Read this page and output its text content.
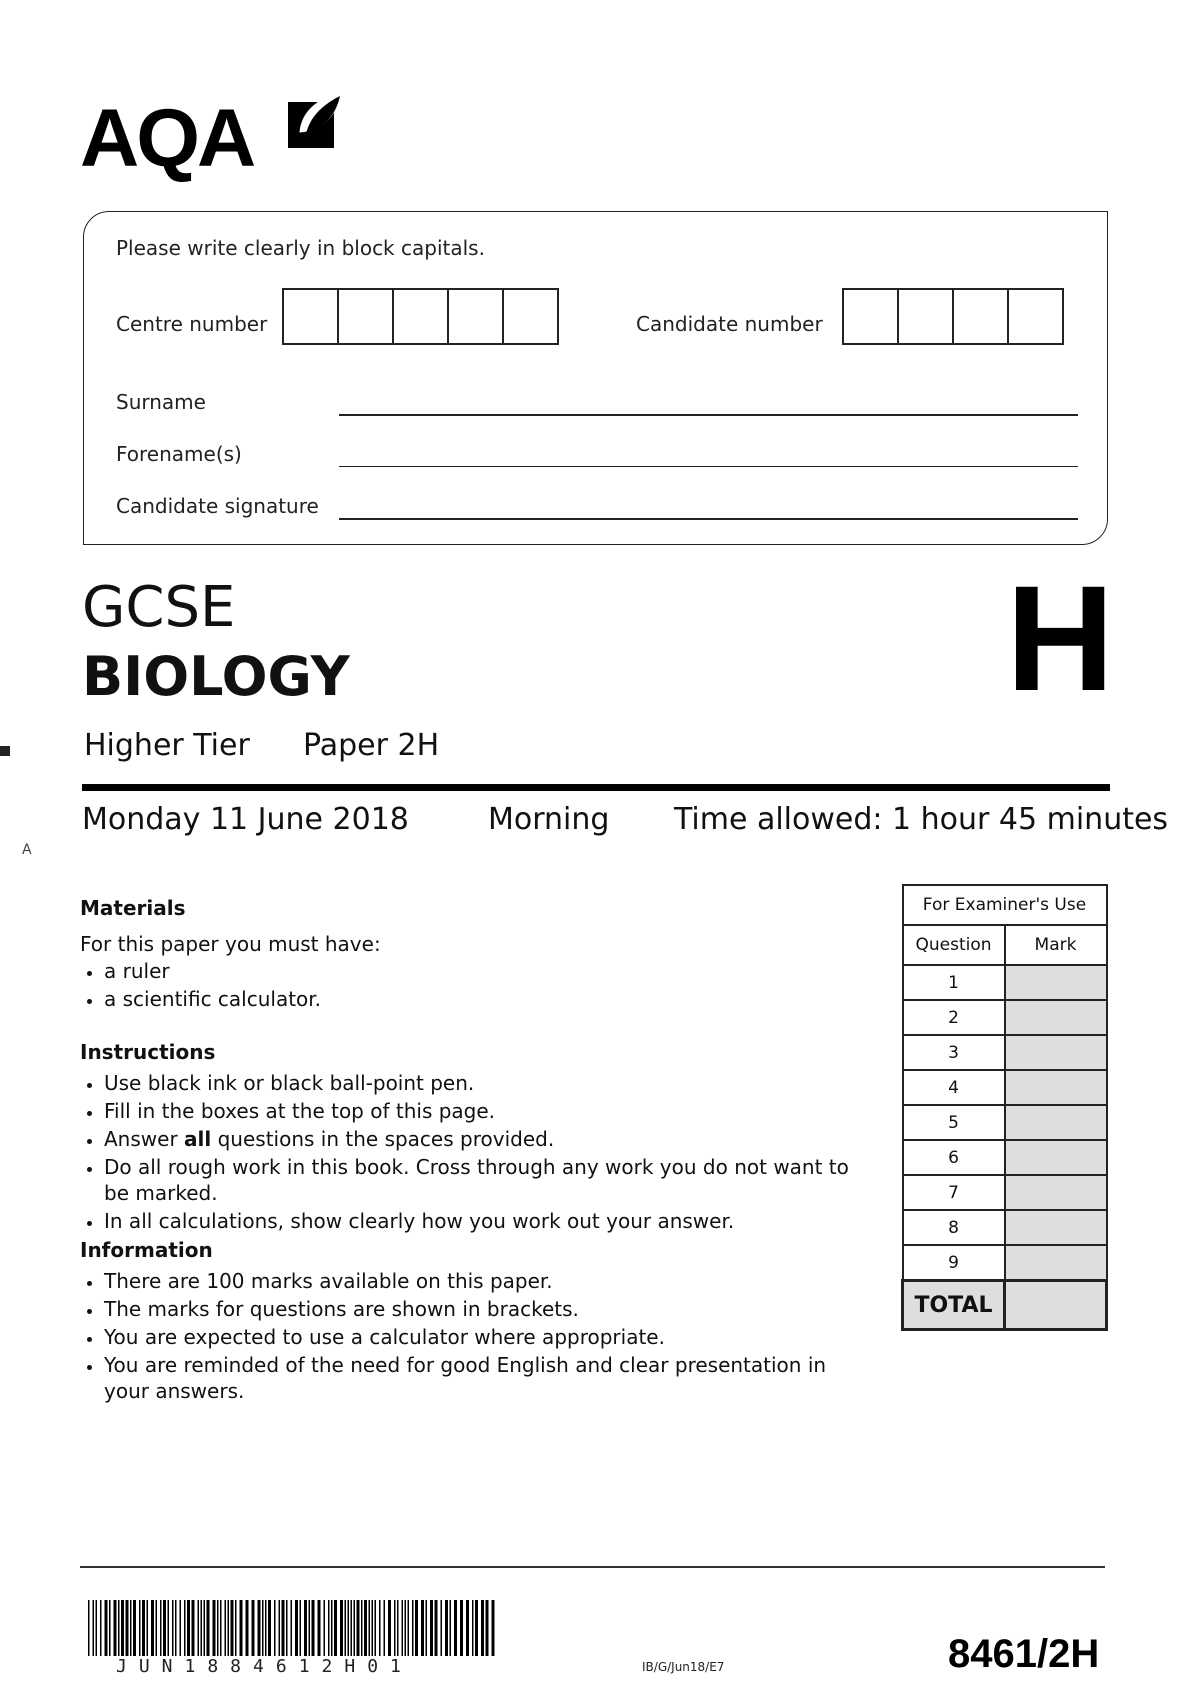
AQA
Please write clearly in block capitals.
Centre number	Candidate number
Surname
Forename(s)
Candidate signature
A
GCSE
BIOLOGY	H
Higher Tier Paper 2H
Monday 11 June 2018	Morning Time allowed: 1 hour 45 minutes
Materials

For this paper you must have:

• a ruler
• a scientific calculator.
Instructions
• Use black ink or black ball-point pen.
• Fill in the boxes at the top of this page.
• Answer all questions in the spaces provided.
• Do all rough work in this book. Cross through any work you do not want to be marked.
• In all calculations, show clearly how you work out your answer.
Information
• There are 100 marks available on this paper.
• The marks for questions are shown in brackets.
• You are expected to use a calculator where appropriate.
• You are reminded of the need for good English and clear presentation in your answers.
For Examiner's Use	
Question	Mark
1	
2	
3	
4	
5	
6	
7	
8	
9	
TOTAL	
JUN1884612H01	IB/G/Jun18/E7	8461/2H
